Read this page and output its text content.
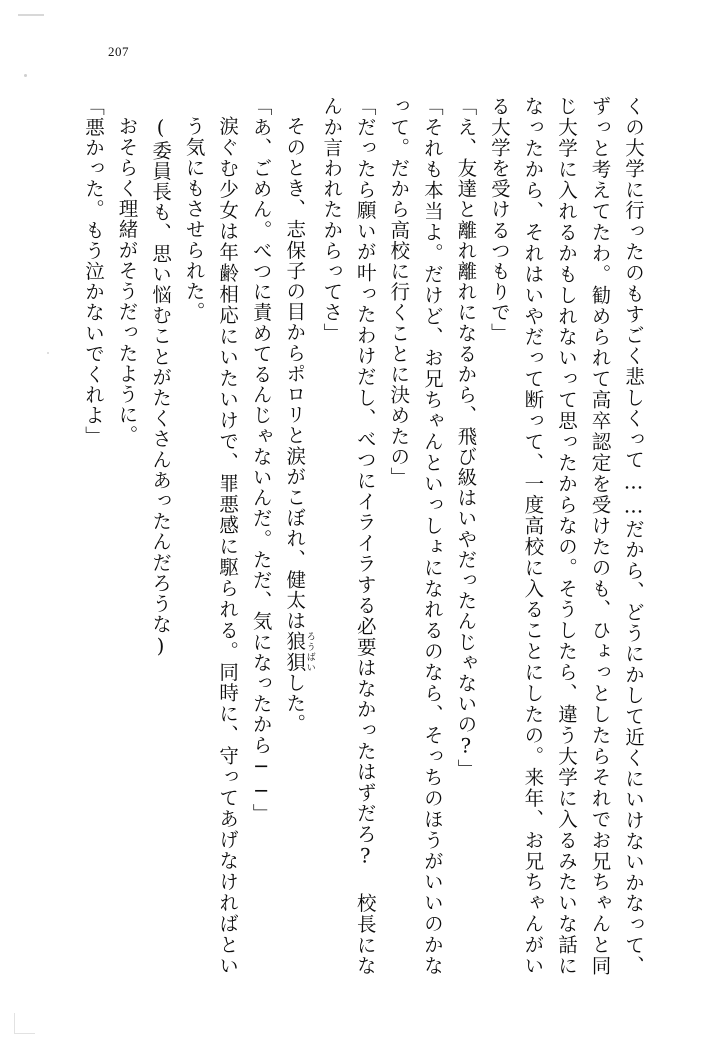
207

くの大学に行ったのもすごく悲しくって……だから、どうにかして近くにいけないかなって、ずっと考えてたわ。勧められて高卒認定を受けたのも、ひょっとしたらそれでお兄ちゃんと同じ大学に入れるかもしれないって思ったからなの。そうしたら、違う大学に入るみたいな話になったから、それはいやだって断って、一度高校に入ることにしたの。来年、お兄ちゃんがいる大学を受けるつもりで」

「え、友達と離れ離れになるから、飛び級はいやだったんじゃないの?」

「それも本当よ。だけど、お兄ちゃんといっしょになれるのなら、そっちのほうがいいのかなって。だから高校に行くことに決めたの」

「だったら願いが叶ったわけだし、べつにイライラする必要はなかったはずだろ? 校長になんか言われたからってさ」

そのとき、志保子の目からポロリと涙がこぼれ、健太は狼狽ろうばいした。

「あ、ごめん。べつに責めてるんじゃないんだ。ただ、気になったから──」

涙ぐむ少女は年齢相応にいたいけで、罪悪感に駆られる。同時に、守ってあげなければという気にもさせられた。

(委員長も、思い悩むことがたくさんあったんだろうな)

おそらく理緒がそうだったように。

「悪かった。もう泣かないでくれよ」
